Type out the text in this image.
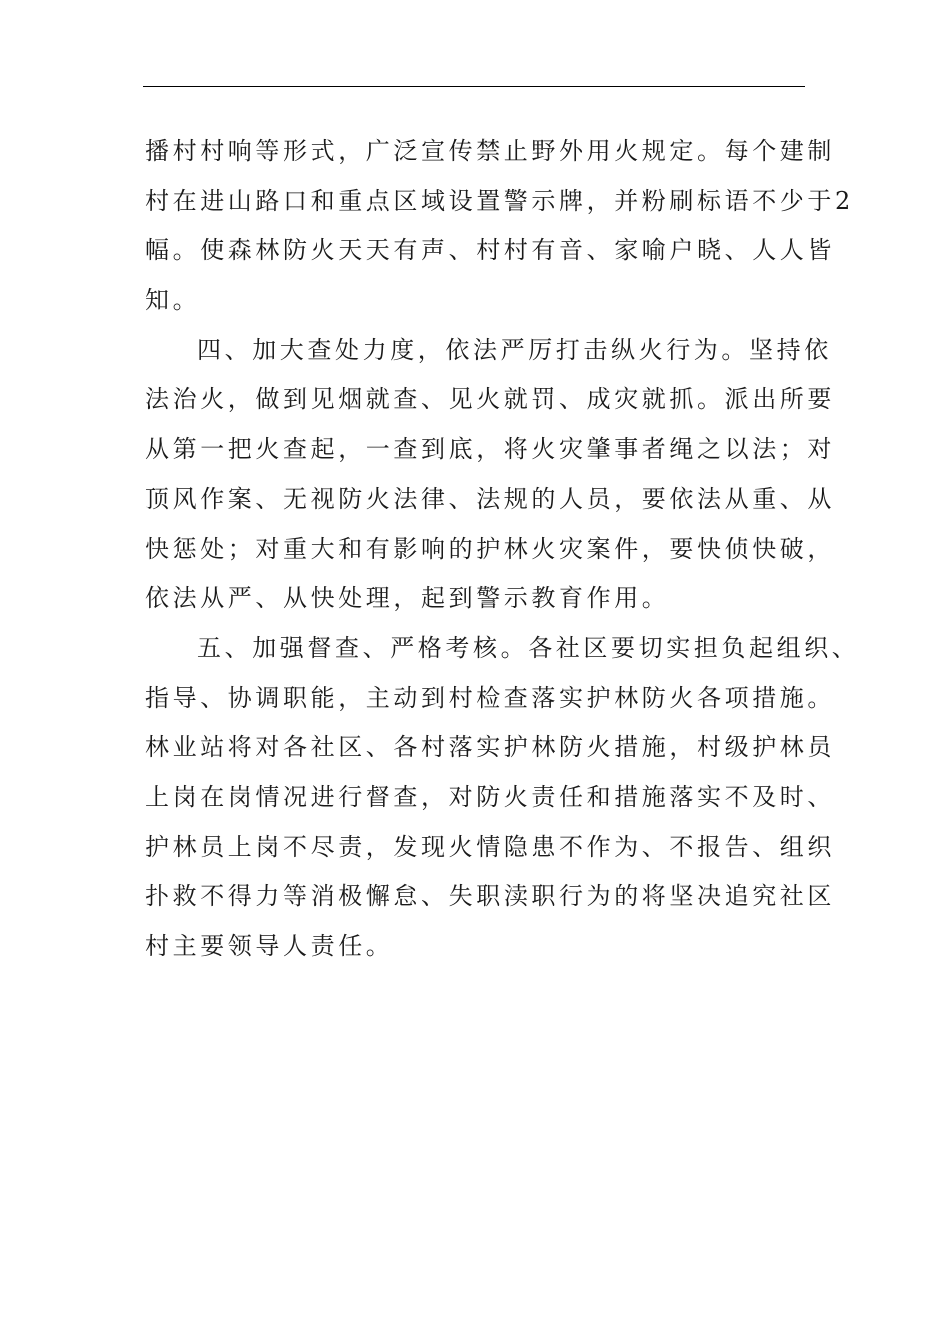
播村村响等形式，广泛宣传禁止野外用火规定。每个建制
村在进山路口和重点区域设置警示牌，并粉刷标语不少于2
幅。使森林防火天天有声、村村有音、家喻户晓、人人皆
知。
四、加大查处力度，依法严厉打击纵火行为。坚持依
法治火，做到见烟就查、见火就罚、成灾就抓。派出所要
从第一把火查起，一查到底，将火灾肇事者绳之以法；对
顶风作案、无视防火法律、法规的人员，要依法从重、从
快惩处；对重大和有影响的护林火灾案件，要快侦快破，
依法从严、从快处理，起到警示教育作用。
五、加强督查、严格考核。各社区要切实担负起组织、
指导、协调职能，主动到村检查落实护林防火各项措施。
林业站将对各社区、各村落实护林防火措施，村级护林员
上岗在岗情况进行督查，对防火责任和措施落实不及时、
护林员上岗不尽责，发现火情隐患不作为、不报告、组织
扑救不得力等消极懈怠、失职渎职行为的将坚决追究社区
村主要领导人责任。
